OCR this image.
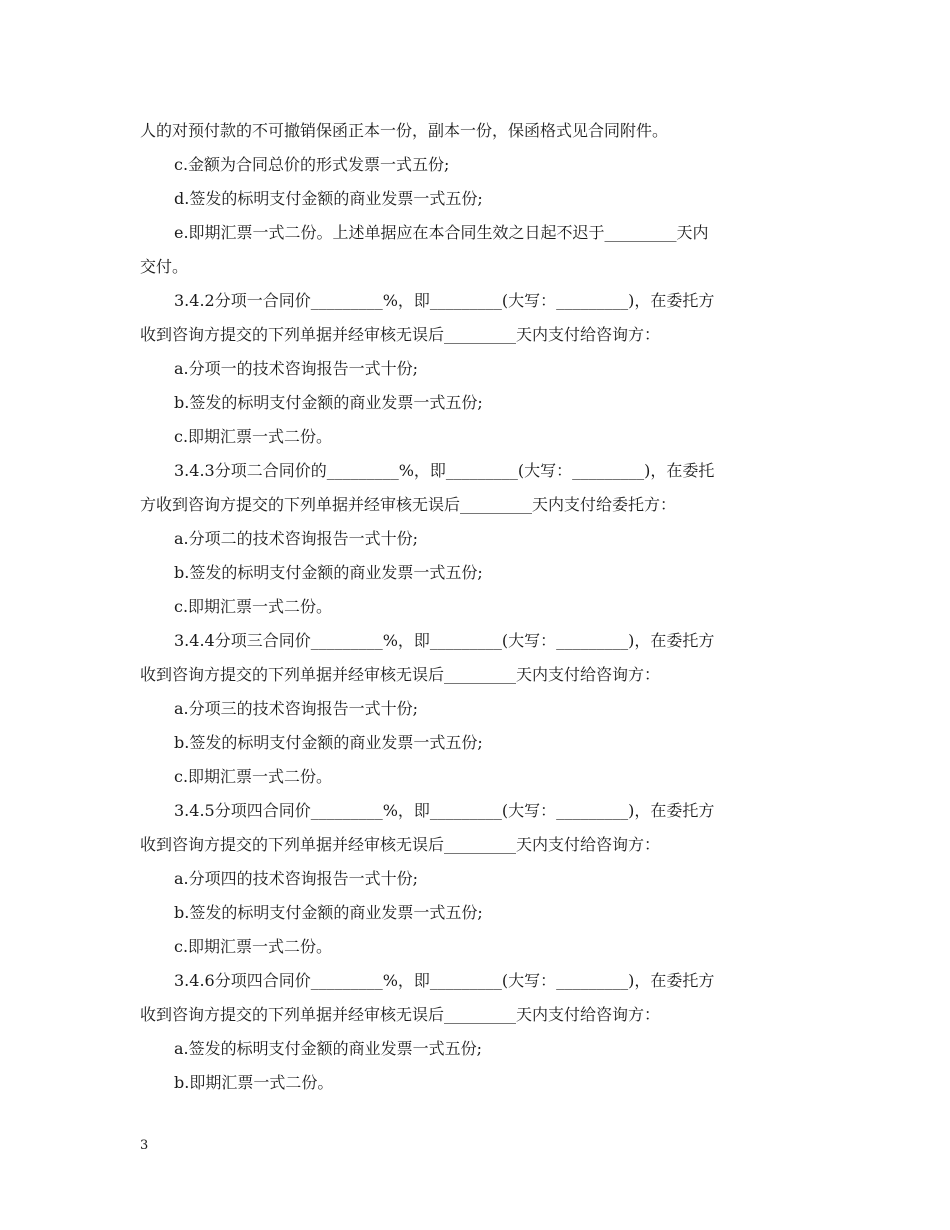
人的对预付款的不可撤销保函正本一份，副本一份，保函格式见合同附件。
c.金额为合同总价的形式发票一式五份;
d.签发的标明支付金额的商业发票一式五份;
e.即期汇票一式二份。上述单据应在本合同生效之日起不迟于_________天内
交付。
3.4.2分项一合同价_________%，即_________(大写：_________)，在委托方
收到咨询方提交的下列单据并经审核无误后_________天内支付给咨询方：
a.分项一的技术咨询报告一式十份;
b.签发的标明支付金额的商业发票一式五份;
c.即期汇票一式二份。
3.4.3分项二合同价的_________%，即_________(大写：_________)，在委托
方收到咨询方提交的下列单据并经审核无误后_________天内支付给委托方：
a.分项二的技术咨询报告一式十份;
b.签发的标明支付金额的商业发票一式五份;
c.即期汇票一式二份。
3.4.4分项三合同价_________%，即_________(大写：_________)，在委托方
收到咨询方提交的下列单据并经审核无误后_________天内支付给咨询方：
a.分项三的技术咨询报告一式十份;
b.签发的标明支付金额的商业发票一式五份;
c.即期汇票一式二份。
3.4.5分项四合同价_________%，即_________(大写：_________)，在委托方
收到咨询方提交的下列单据并经审核无误后_________天内支付给咨询方：
a.分项四的技术咨询报告一式十份;
b.签发的标明支付金额的商业发票一式五份;
c.即期汇票一式二份。
3.4.6分项四合同价_________%，即_________(大写：_________)，在委托方
收到咨询方提交的下列单据并经审核无误后_________天内支付给咨询方：
a.签发的标明支付金额的商业发票一式五份;
b.即期汇票一式二份。
3
